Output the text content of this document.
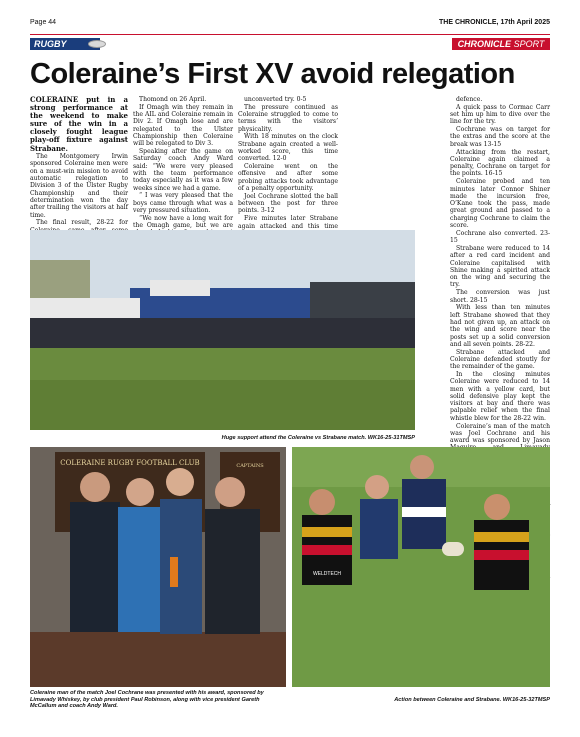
Page 44	THE CHRONICLE, 17th April 2025
RUGBY	CHRONICLE SPORT
Coleraine’s First XV avoid relegation

COLERAINE put in a strong performance at the weekend to make sure of the win in a closely fought league play-off fixture against Strabane.

The Montgomery Irwin sponsored Coleraine men were on a must-win mission to avoid automatic relegation to Division 3 of the Ulster Rugby Championship and their determination won the day after trailing the visitors at half time.

The final result, 28-22 for

Thomond on 26 April.

If Omagh win they remain in the AIL and Coleraine remain in Div 2. If Omagh lose and are relegated to the Ulster Championship then Coleraine will be relegated to Div 3.

Speaking after the game on Saturday coach Andy Ward said: “We were very pleased with the team performance today especially as it was a few weeks since we had a game.

“ I was very pleased that the boys came through what was a very pressured situation.

“We now have a long wait for the Omagh game, but we are

unconverted try. 0-5

The pressure continued as Coleraine struggled to come to terms with the visitors’ physicality.

With 18 minutes on the clock Strabane again created a well-worked score, this time converted. 12-0

Coleraine went on the offensive and after some probing attacks took advantage of a penalty opportunity.

Joel Cochrane slotted the ball between the post for three points. 3-12

Five minutes later Strabane again attacked and this time

defence.

A quick pass to Cormac Carr set him up him to dive over the line for the try.

Cochrane was on target for the extras and the score at the break was 13-15

Attacking from the restart, Coleraine again claimed a penalty, Cochrane on target for the points. 16-15

Coleraine probed and ten minutes later Connor Shiner made the incursion free, O’Kane took the pass, made great ground and passed to a charging Cochrane to claim the score.

Cochrane also converted. 23-15

Strabane were reduced to 14 after a red card incident and Coleraine capitalised with Shine making a spirited attack on the wing and securing the try.

The conversion was just short. 28-15

With less than ten minutes left Strabane showed that they had not given up, an attack on the wing and score near the posts set up a solid conversion and all seven points. 28-22.

Strabane attacked and Coleraine defended stoutly for the remainder of the game.

In the closing minutes Coleraine were reduced to 14 men with a yellow card, but solid defensive play kept the visitors at bay and there was palpable relief when the final whistle blew for the 28-22 win.

Coleraine’s man of the match was Joel Cochrane and his award was sponsored by Jason

Huge support attend the Coleraine vs Strabane match. WK16-25-31TMSP
COLERAINE RUGBY FOOTBALL CLUB	CAPTAINS
Coleraine man of the match Joel Cochrane was presented with his award, sponsored by Limavady Whiskey, by club president Paul Robinson, along with vice president Gareth McCallum and coach Andy Ward.
WELDTECH
Action between Coleraine and Strabane. WK16-25-32TMSP
